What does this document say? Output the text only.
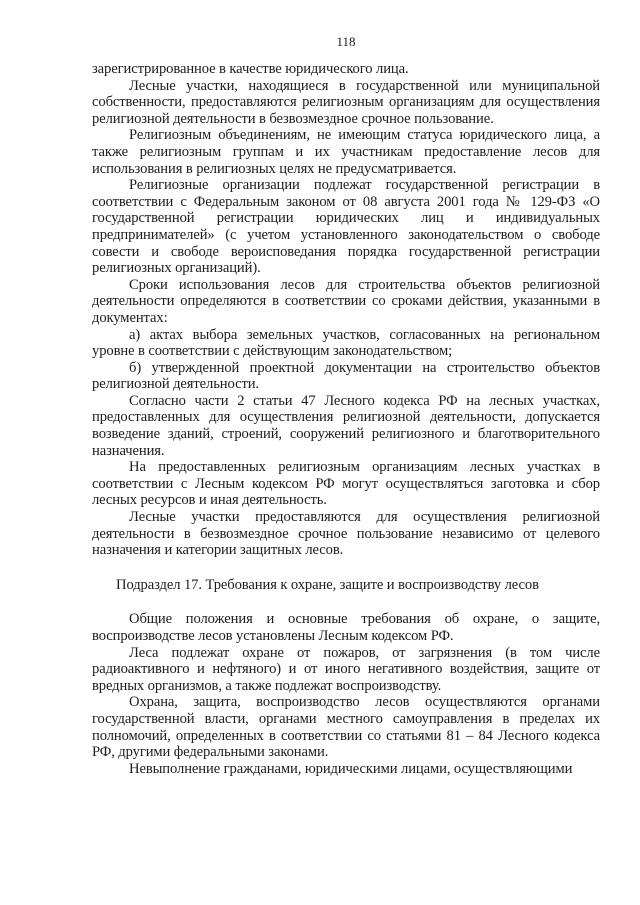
118

зарегистрированное в качестве юридического лица.

Лесные участки, находящиеся в государственной или муниципальной собственности, предоставляются религиозным организациям для осуществления религиозной деятельности в безвозмездное срочное пользование.

Религиозным объединениям, не имеющим статуса юридического лица, а также религиозным группам и их участникам предоставление лесов для использования в религиозных целях не предусматривается.

Религиозные организации подлежат государственной регистрации в соответствии с Федеральным законом от 08 августа 2001 года № 129-ФЗ «О государственной регистрации юридических лиц и индивидуальных предпринимателей» (с учетом установленного законодательством о свободе совести и свободе вероисповедания порядка государственной регистрации религиозных организаций).

Сроки использования лесов для строительства объектов религиозной деятельности определяются в соответствии со сроками действия, указанными в документах:

а) актах выбора земельных участков, согласованных на региональном уровне в соответствии с действующим законодательством;

б) утвержденной проектной документации на строительство объектов религиозной деятельности.

Согласно части 2 статьи 47 Лесного кодекса РФ на лесных участках, предоставленных для осуществления религиозной деятельности, допускается возведение зданий, строений, сооружений религиозного и благотворительного назначения.

На предоставленных религиозным организациям лесных участках в соответствии с Лесным кодексом РФ могут осуществляться заготовка и сбор лесных ресурсов и иная деятельность.

Лесные участки предоставляются для осуществления религиозной деятельности в безвозмездное срочное пользование независимо от целевого назначения и категории защитных лесов.

Подраздел 17. Требования к охране, защите и воспроизводству лесов

Общие положения и основные требования об охране, о защите, воспроизводстве лесов установлены Лесным кодексом РФ.

Леса подлежат охране от пожаров, от загрязнения (в том числе радиоактивного и нефтяного) и от иного негативного воздействия, защите от вредных организмов, а также подлежат воспроизводству.

Охрана, защита, воспроизводство лесов осуществляются органами государственной власти, органами местного самоуправления в пределах их полномочий, определенных в соответствии со статьями 81 – 84 Лесного кодекса РФ, другими федеральными законами.

Невыполнение гражданами, юридическими лицами, осуществляющими
